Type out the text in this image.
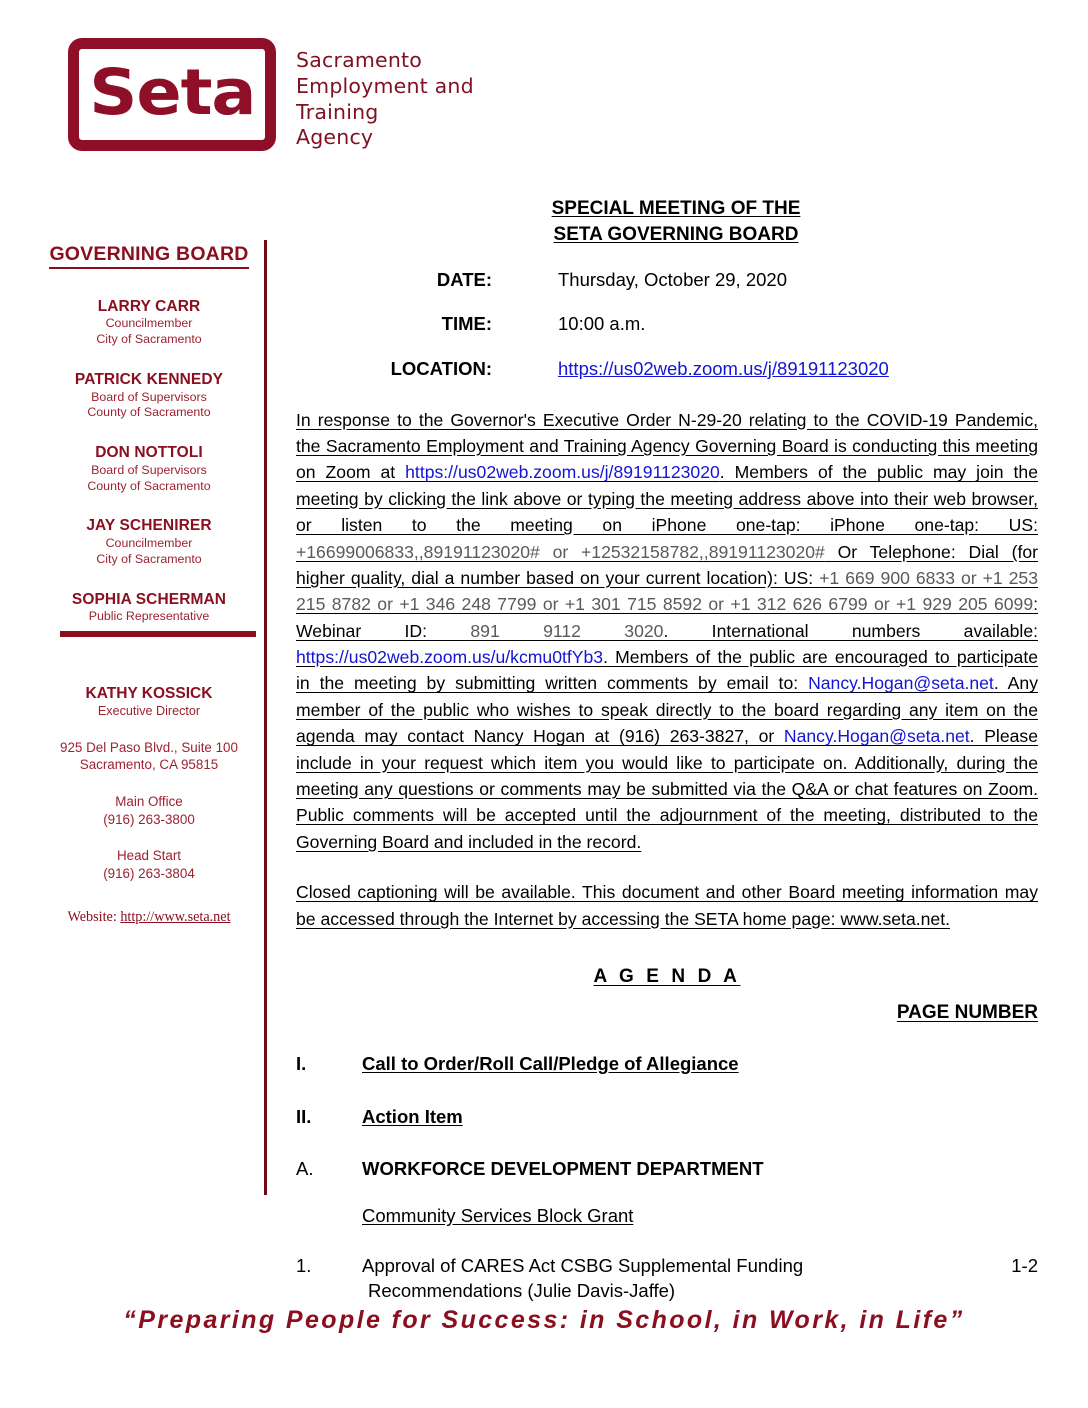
Seta Sacramento
Employment and
Training
Agency
GOVERNING BOARD
LARRY CARR
Councilmember
City of Sacramento
PATRICK KENNEDY
Board of Supervisors
County of Sacramento
DON NOTTOLI
Board of Supervisors
County of Sacramento
JAY SCHENIRER
Councilmember
City of Sacramento
SOPHIA SCHERMAN
Public Representative
KATHY KOSSICK
Executive Director
925 Del Paso Blvd., Suite 100
Sacramento, CA 95815
Main Office
(916) 263-3800
Head Start
(916) 263-3804
Website: http://www.seta.net
SPECIAL MEETING OF THE
SETA GOVERNING BOARD
DATE:	Thursday, October 29, 2020
TIME:	10:00 a.m.
LOCATION:	https://us02web.zoom.us/j/89191123020
In response to the Governor's Executive Order N-29-20 relating to the COVID-19 Pandemic, the Sacramento Employment and Training Agency Governing Board is conducting this meeting on Zoom at https://us02web.zoom.us/j/89191123020. Members of the public may join the meeting by clicking the link above or typing the meeting address above into their web browser, or listen to the meeting on iPhone one-tap: iPhone one-tap: US: +16699006833,,89191123020# or +12532158782,,89191123020# Or Telephone: Dial (for higher quality, dial a number based on your current location): US: +1 669 900 6833 or +1 253 215 8782 or +1 346 248 7799 or +1 301 715 8592 or +1 312 626 6799 or +1 929 205 6099: Webinar ID: 891 9112 3020. International numbers available: https://us02web.zoom.us/u/kcmu0tfYb3. Members of the public are encouraged to participate in the meeting by submitting written comments by email to: Nancy.Hogan@seta.net. Any member of the public who wishes to speak directly to the board regarding any item on the agenda may contact Nancy Hogan at (916) 263-3827, or Nancy.Hogan@seta.net. Please include in your request which item you would like to participate on. Additionally, during the meeting any questions or comments may be submitted via the Q&A or chat features on Zoom. Public comments will be accepted until the adjournment of the meeting, distributed to the Governing Board and included in the record.
Closed captioning will be available. This document and other Board meeting information may be accessed through the Internet by accessing the SETA home page: www.seta.net.
A G E N D A
PAGE NUMBER
I.	Call to Order/Roll Call/Pledge of Allegiance
II.	Action Item
A.	WORKFORCE DEVELOPMENT DEPARTMENT
Community Services Block Grant
1.	Approval of CARES Act CSBG Supplemental Funding	1-2
Recommendations (Julie Davis-Jaffe)
“Preparing People for Success: in School, in Work, in Life”
